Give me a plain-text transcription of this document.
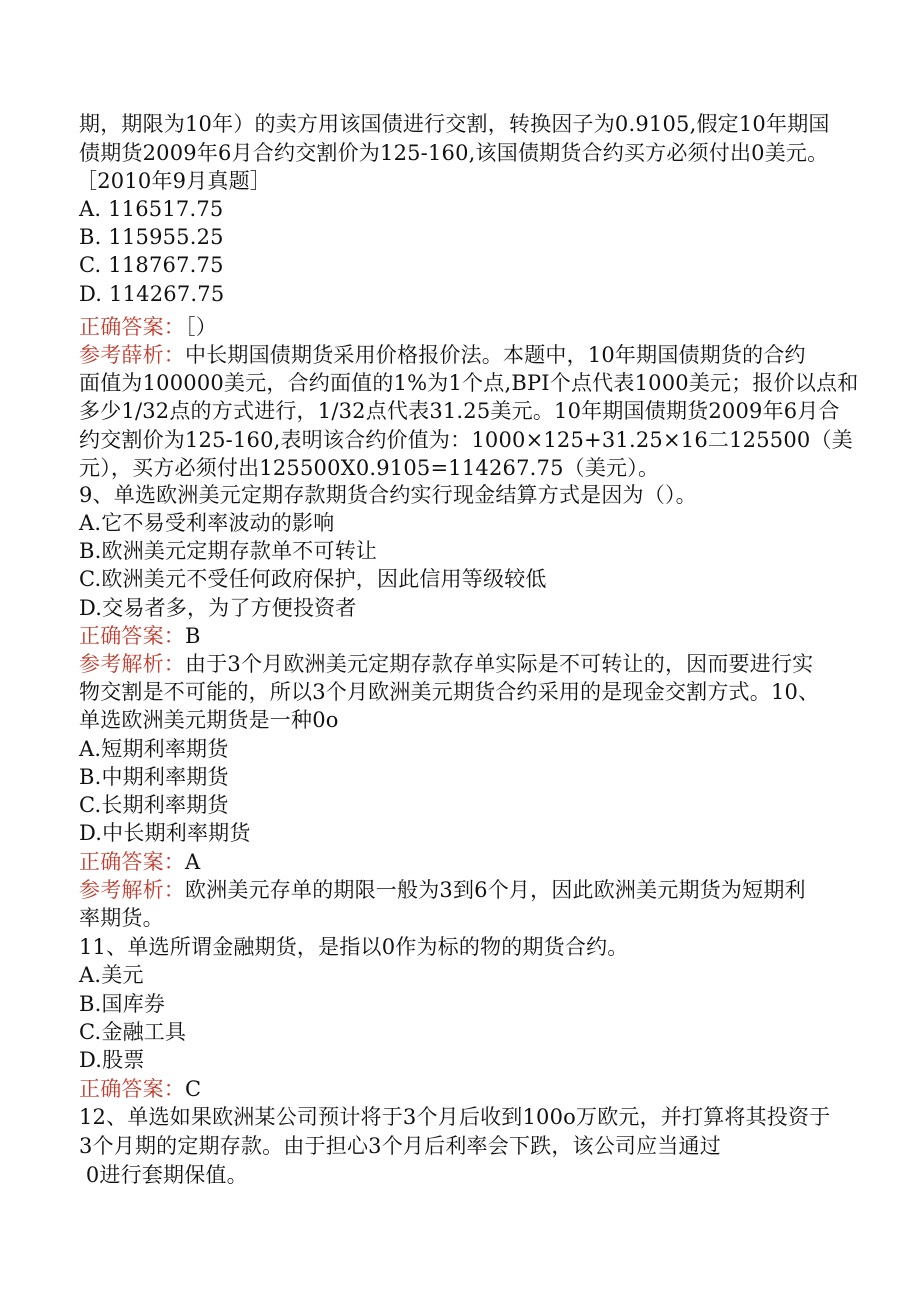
期，期限为10年）的卖方用该国债进行交割，转换因子为0.9105,假定10年期国
债期货2009年6月合约交割价为125-160,该国债期货合约买方必须付出0美元。
［2010年9月真题］
A. 116517.75
B. 115955.25
C. 118767.75
D. 114267.75
正确答案：［）
参考薛析：中长期国债期货采用价格报价法。本题中，10年期国债期货的合约
面值为100000美元，合约面值的1%为1个点,BPI个点代表1000美元；报价以点和
多少1/32点的方式进行，1/32点代表31.25美元。10年期国债期货2009年6月合
约交割价为125-160,表明该合约价值为：1000×125+31.25×16二125500（美
元），买方必须付出125500X0.9105=114267.75（美元）。
9、单选欧洲美元定期存款期货合约实行现金结算方式是因为（）。
A.它不易受利率波动的影响
B.欧洲美元定期存款单不可转让
C.欧洲美元不受任何政府保护，因此信用等级较低
D.交易者多，为了方便投资者
正确答案：B
参考解析：由于3个月欧洲美元定期存款存单实际是不可转让的，因而要进行实
物交割是不可能的，所以3个月欧洲美元期货合约采用的是现金交割方式。10、
单选欧洲美元期货是一种0o
A.短期利率期货
B.中期利率期货
C.长期利率期货
D.中长期利率期货
正确答案：A
参考解析：欧洲美元存单的期限一般为3到6个月，因此欧洲美元期货为短期利
率期货。
11、单选所谓金融期货，是指以0作为标的物的期货合约。
A.美元
B.国库券
C.金融工具
D.股票
正确答案：C
12、单选如果欧洲某公司预计将于3个月后收到100o万欧元，并打算将其投资于
3个月期的定期存款。由于担心3个月后利率会下跌，该公司应当通过
0进行套期保值。
